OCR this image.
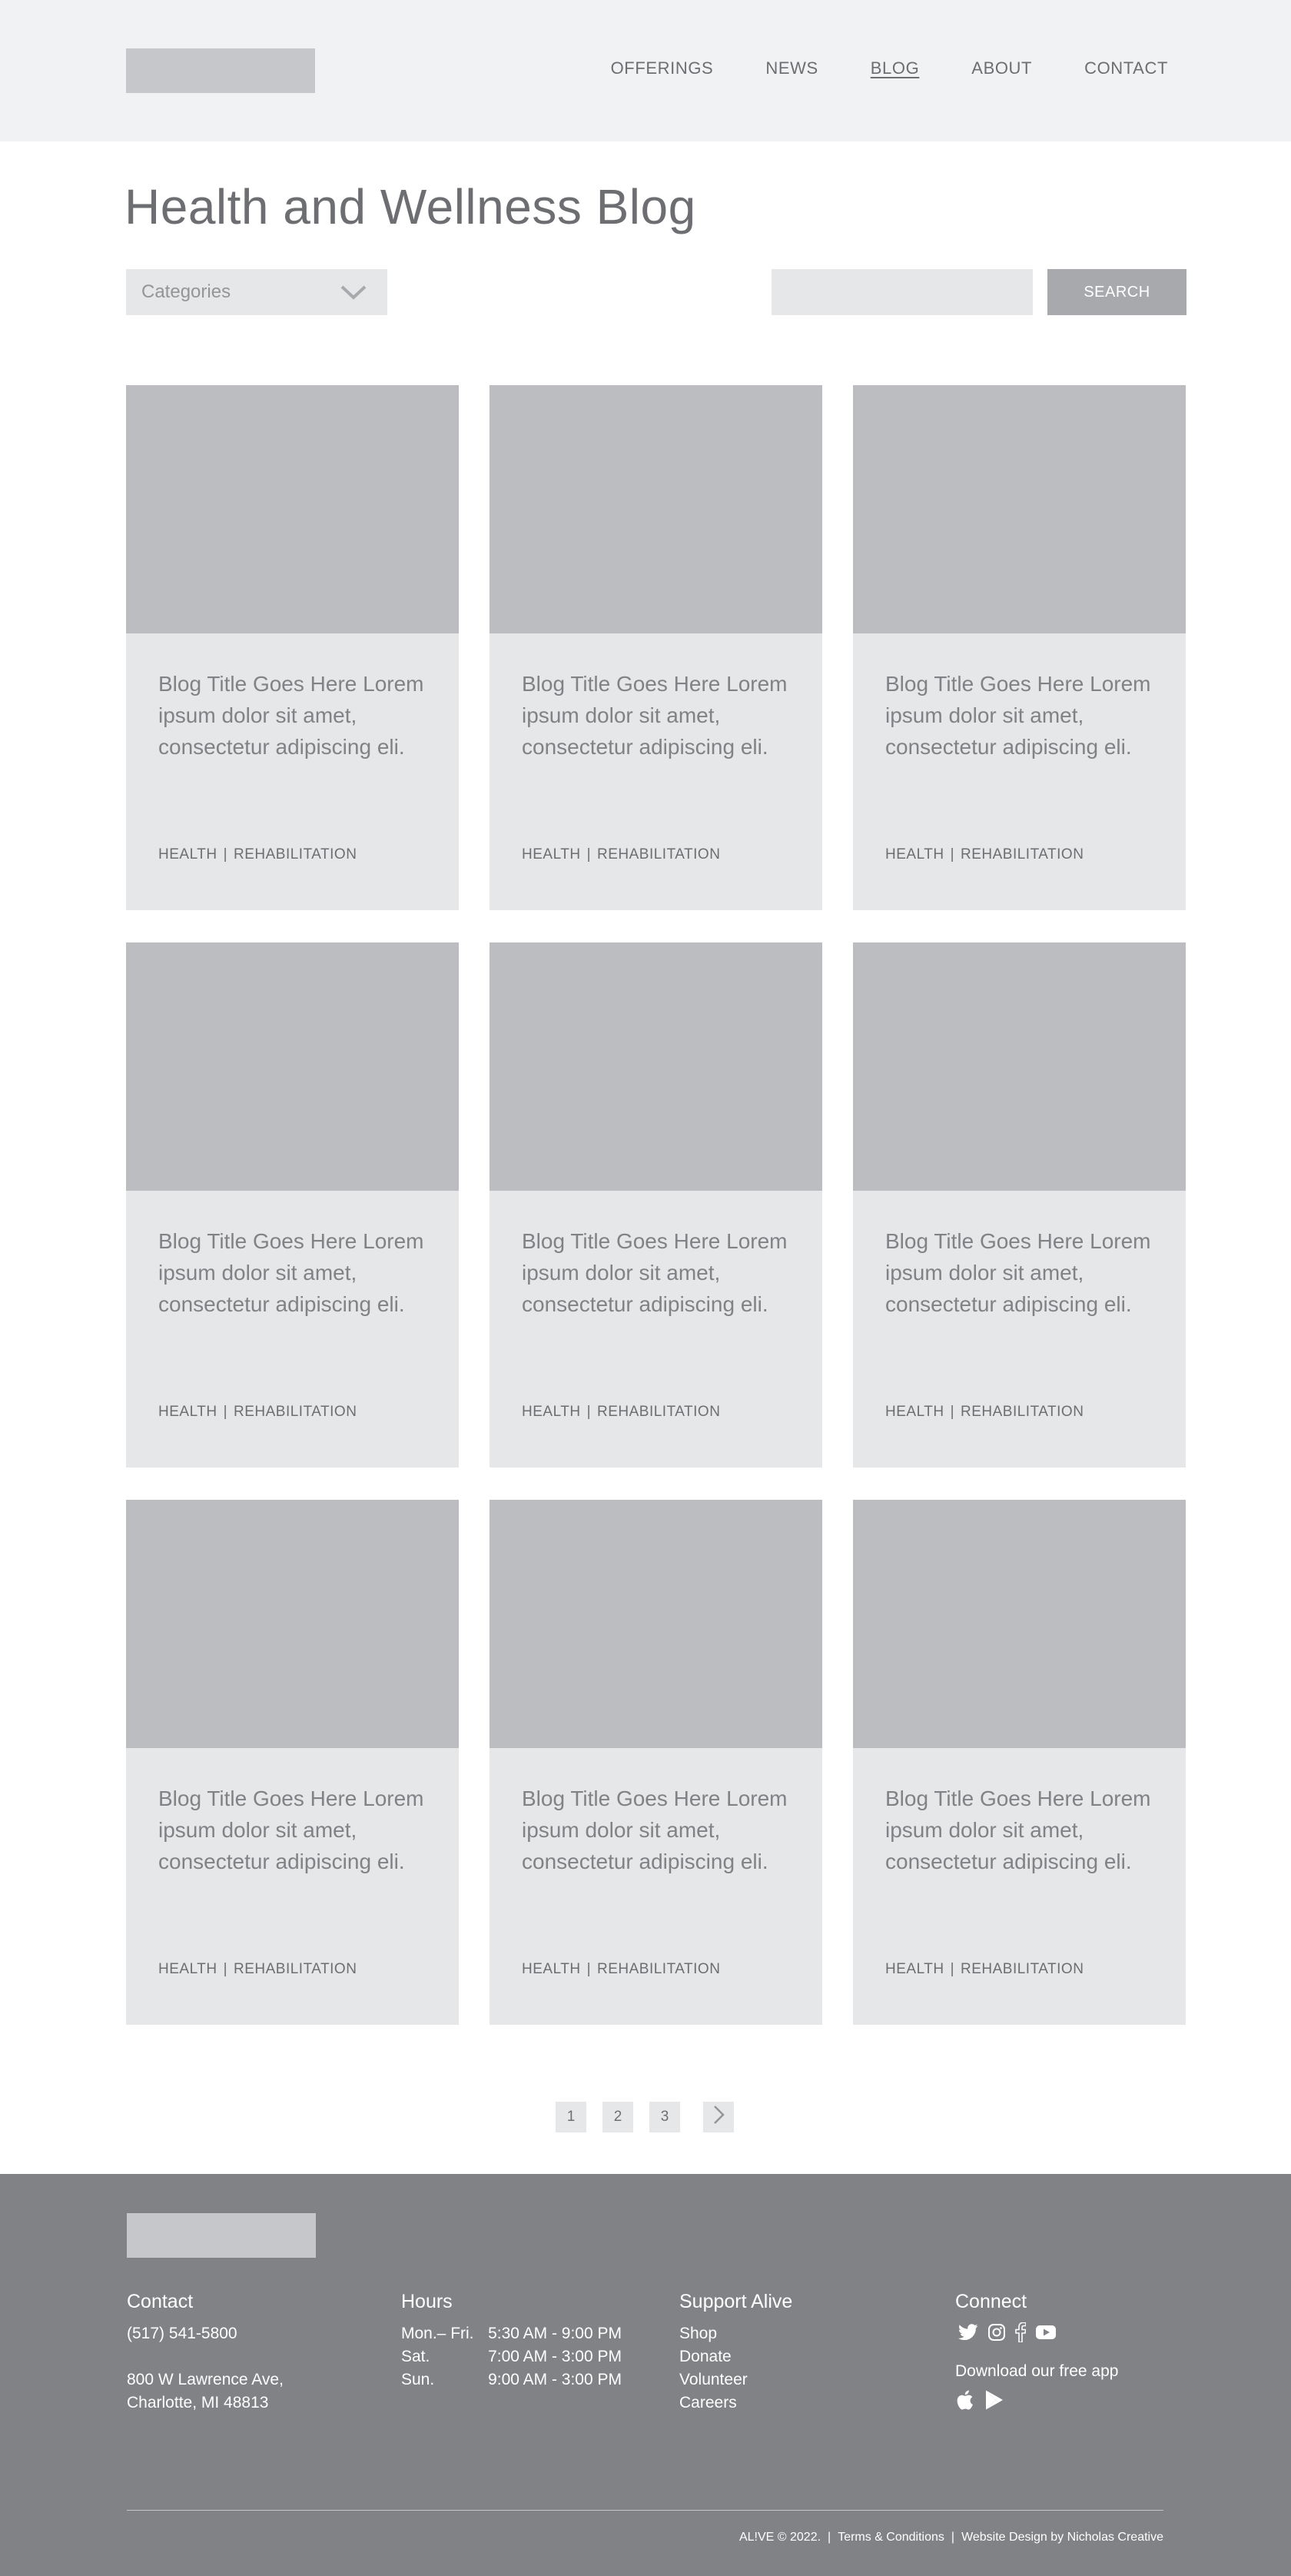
OFFERINGS	NEWS	BLOG	ABOUT	CONTACT
Health and Wellness Blog
Categories	SEARCH
Blog Title Goes Here Lorem ipsum dolor sit amet, consectetur adipiscing eli.
HEALTH | REHABILITATION
Blog Title Goes Here Lorem ipsum dolor sit amet, consectetur adipiscing eli.
HEALTH | REHABILITATION
Blog Title Goes Here Lorem ipsum dolor sit amet, consectetur adipiscing eli.
HEALTH | REHABILITATION
Blog Title Goes Here Lorem ipsum dolor sit amet, consectetur adipiscing eli.
HEALTH | REHABILITATION
Blog Title Goes Here Lorem ipsum dolor sit amet, consectetur adipiscing eli.
HEALTH | REHABILITATION
Blog Title Goes Here Lorem ipsum dolor sit amet, consectetur adipiscing eli.
HEALTH | REHABILITATION
Blog Title Goes Here Lorem ipsum dolor sit amet, consectetur adipiscing eli.
HEALTH | REHABILITATION
Blog Title Goes Here Lorem ipsum dolor sit amet, consectetur adipiscing eli.
HEALTH | REHABILITATION
Blog Title Goes Here Lorem ipsum dolor sit amet, consectetur adipiscing eli.
HEALTH | REHABILITATION
1	2	3
Contact

(517) 541-5800

800 W Lawrence Ave,

Charlotte, MI 48813

Hours
Mon.– Fri. 5:30 AM - 9:00 PM
Sat.	7:00 AM - 3:00 PM
Sun.	9:00 AM - 3:00 PM
Support Alive
Shop
Donate
Volunteer
Careers
Connect

Download our free app

AL!VE © 2022. | Terms & Conditions | Website Design by Nicholas Creative
